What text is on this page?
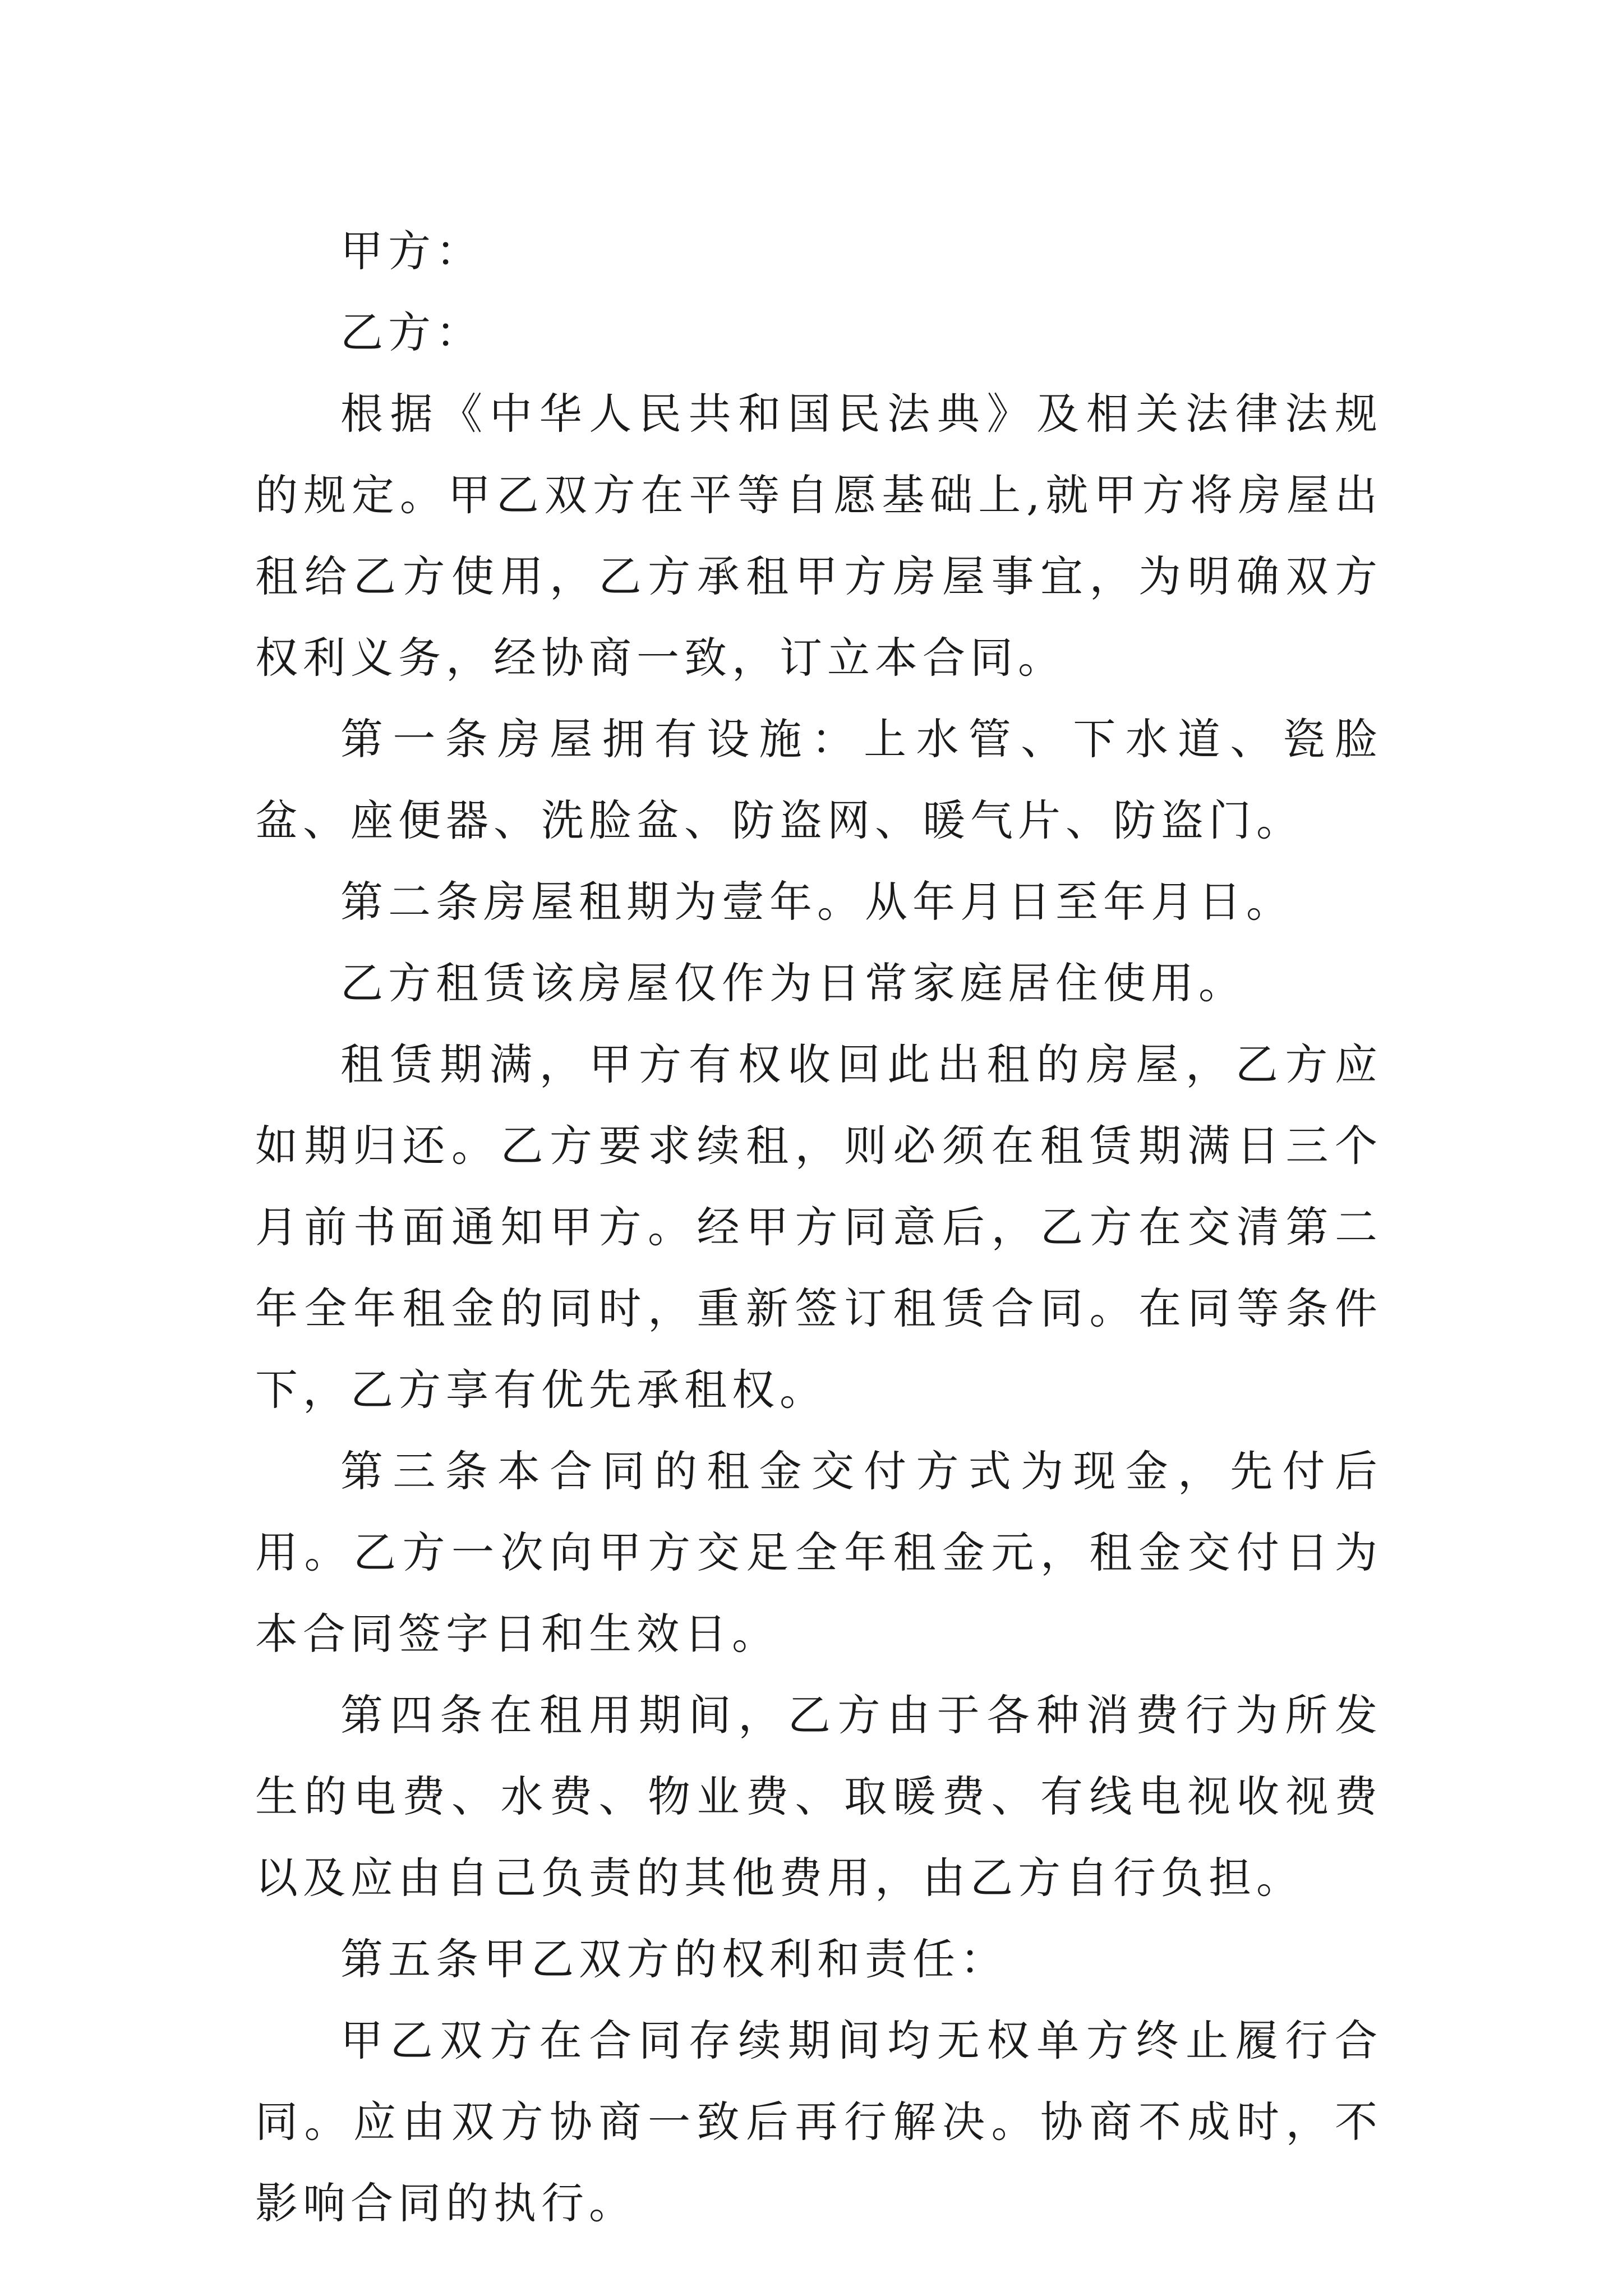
甲方：

乙方：

根据《中华人民共和国民法典》及相关法律法规的规定。甲乙双方在平等自愿基础上,就甲方将房屋出租给乙方使用，乙方承租甲方房屋事宜，为明确双方权利义务，经协商一致，订立本合同。

第一条房屋拥有设施：上水管、下水道、瓷脸盆、座便器、洗脸盆、防盗网、暖气片、防盗门。

第二条房屋租期为壹年。从年月日至年月日。

乙方租赁该房屋仅作为日常家庭居住使用。

租赁期满，甲方有权收回此出租的房屋，乙方应如期归还。乙方要求续租，则必须在租赁期满日三个月前书面通知甲方。经甲方同意后，乙方在交清第二年全年租金的同时，重新签订租赁合同。在同等条件下，乙方享有优先承租权。

第三条本合同的租金交付方式为现金，先付后用。乙方一次向甲方交足全年租金元，租金交付日为本合同签字日和生效日。

第四条在租用期间，乙方由于各种消费行为所发生的电费、水费、物业费、取暖费、有线电视收视费以及应由自己负责的其他费用，由乙方自行负担。

第五条甲乙双方的权利和责任：

甲乙双方在合同存续期间均无权单方终止履行合同。应由双方协商一致后再行解决。协商不成时，不影响合同的执行。
